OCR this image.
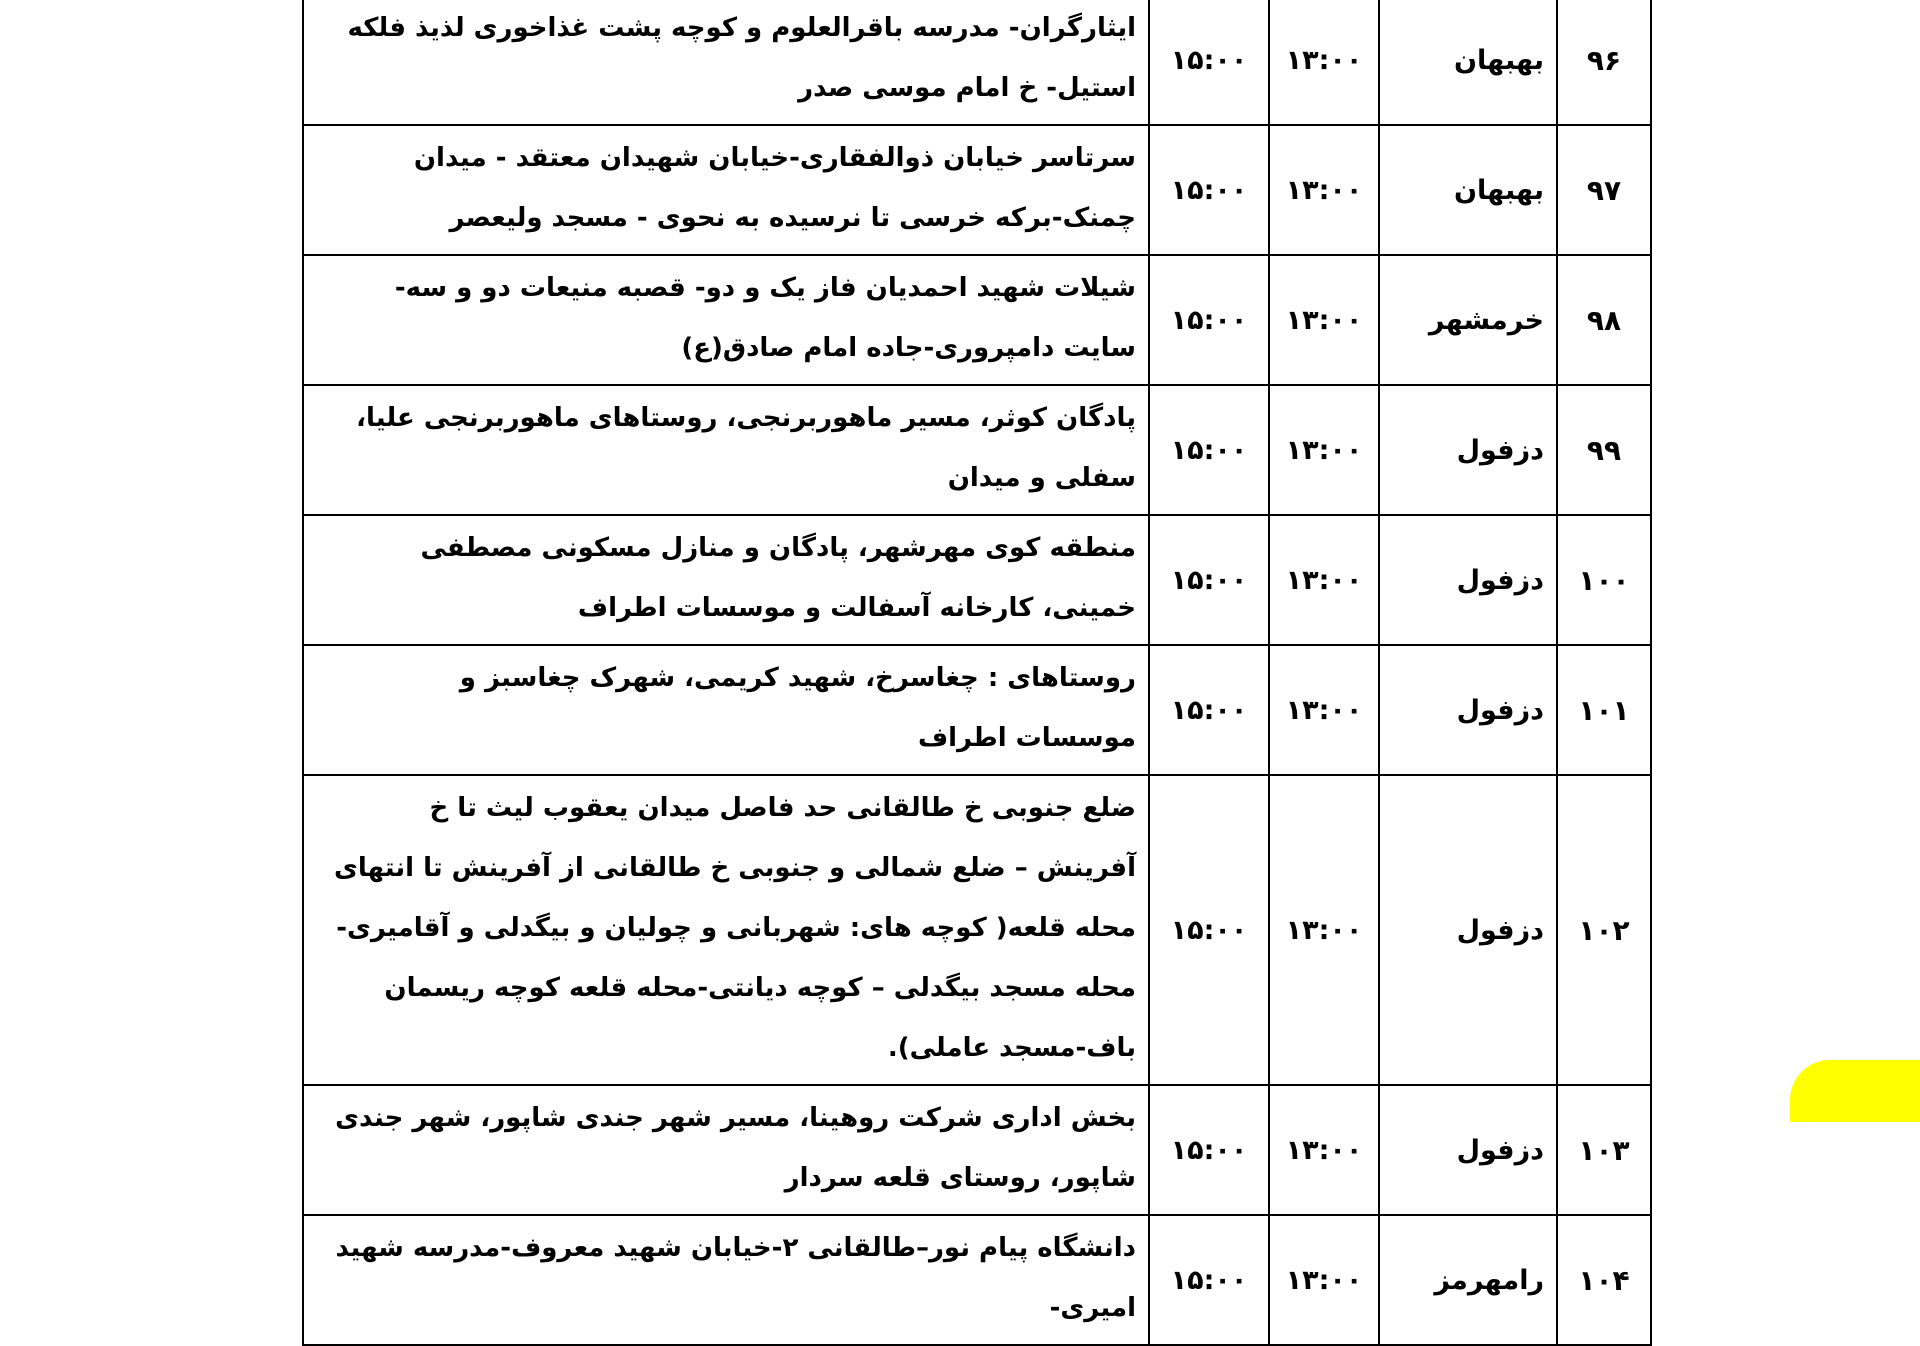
۹۶	بهبهان	۱۳:۰۰	۱۵:۰۰	ایثارگران- مدرسه باقرالعلوم و کوچه پشت غذاخوری لذیذ فلکه استیل- خ امام موسی صدر
۹۷	بهبهان	۱۳:۰۰	۱۵:۰۰	سرتاسر خیابان ذوالفقاری-خیابان شهیدان معتقد - میدان چمنک-برکه خرسی تا نرسیده به نحوی - مسجد ولیعصر
۹۸	خرمشهر	۱۳:۰۰	۱۵:۰۰	شیلات شهید احمدیان فاز یک و دو- قصبه منیعات دو و سه-سایت دامپروری-جاده امام صادق(ع)
۹۹	دزفول	۱۳:۰۰	۱۵:۰۰	پادگان کوثر، مسیر ماهوربرنجی، روستاهای ماهوربرنجی علیا، سفلی و میدان
۱۰۰	دزفول	۱۳:۰۰	۱۵:۰۰	منطقه کوی مهرشهر، پادگان و منازل مسکونی مصطفی خمینی، کارخانه آسفالت و موسسات اطراف
۱۰۱	دزفول	۱۳:۰۰	۱۵:۰۰	روستاهای : چغاسرخ، شهید کریمی، شهرک چغاسبز و موسسات اطراف
۱۰۲	دزفول	۱۳:۰۰	۱۵:۰۰	ضلع جنوبی خ طالقانی حد فاصل میدان یعقوب لیث تا خ آفرینش – ضلع شمالی و جنوبی خ طالقانی از آفرینش تا انتهای محله قلعه( کوچه های: شهربانی و چولیان و بیگدلی و آقامیری-محله مسجد بیگدلی – کوچه دیانتی-محله قلعه کوچه ریسمان باف-مسجد عاملی).
۱۰۳	دزفول	۱۳:۰۰	۱۵:۰۰	بخش اداری شرکت روهینا، مسیر شهر جندی شاپور، شهر جندی شاپور، روستای قلعه سردار
۱۰۴	رامهرمز	۱۳:۰۰	۱۵:۰۰	دانشگاه پیام نور–طالقانی ۲-خیابان شهید معروف-مدرسه شهید امیری-
